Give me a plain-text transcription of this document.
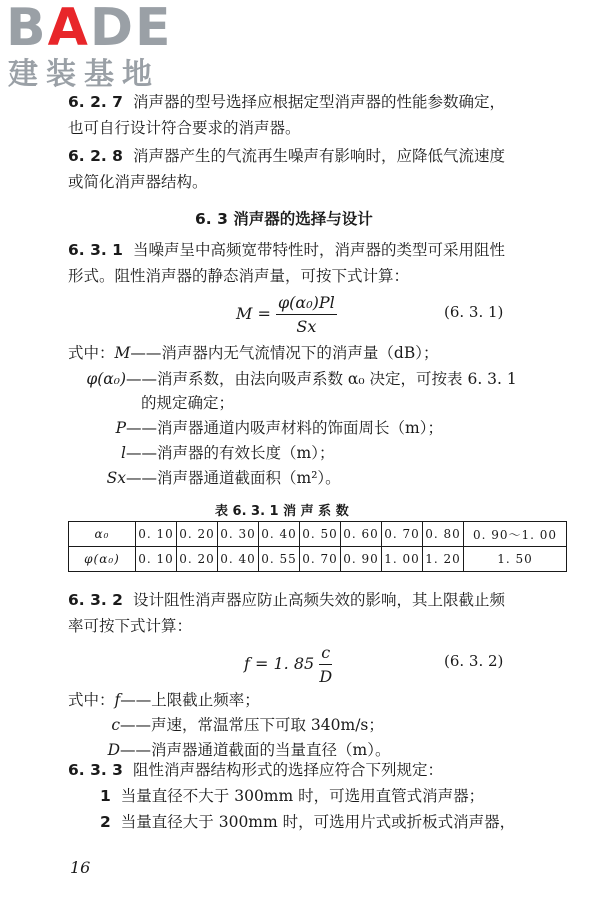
BADE
建装基地
6. 2. 7 消声器的型号选择应根据定型消声器的性能参数确定，
也可自行设计符合要求的消声器。
6. 2. 8 消声器产生的气流再生噪声有影响时，应降低气流速度
或简化消声器结构。
6. 3 消声器的选择与设计
6. 3. 1 当噪声呈中高频宽带特性时，消声器的类型可采用阻性
形式。阻性消声器的静态消声量，可按下式计算：
$M = \frac{\text{φ(α₀)Pl}}{Sx}$	(6. 3. 1)
式中：M——消声器内无气流情况下的消声量（dB）；
φ(α₀)——消声系数，由法向吸声系数 α₀ 决定，可按表 6. 3. 1
的规定确定；
P——消声器通道内吸声材料的饰面周长（m）；
l——消声器的有效长度（m）；
Sx——消声器通道截面积（m²）。
表 6. 3. 1 消 声 系 数
α₀	0. 10	0. 20	0. 30	0. 40	0. 50	0. 60	0. 70	0. 80	0. 90～1. 00
φ(α₀)	0. 10	0. 20	0. 40	0. 55	0. 70	0. 90	1. 00	1. 20	1. 50
6. 3. 2 设计阻性消声器应防止高频失效的影响，其上限截止频
率可按下式计算：
f = 1. $85 \frac{c}{D}$	(6. 3. 2)
式中：f——上限截止频率；
c——声速，常温常压下可取 340m/s；
D——消声器通道截面的当量直径（m）。
6. 3. 3 阻性消声器结构形式的选择应符合下列规定：
1 当量直径不大于 300mm 时，可选用直管式消声器；
2 当量直径大于 300mm 时，可选用片式或折板式消声器，
16
